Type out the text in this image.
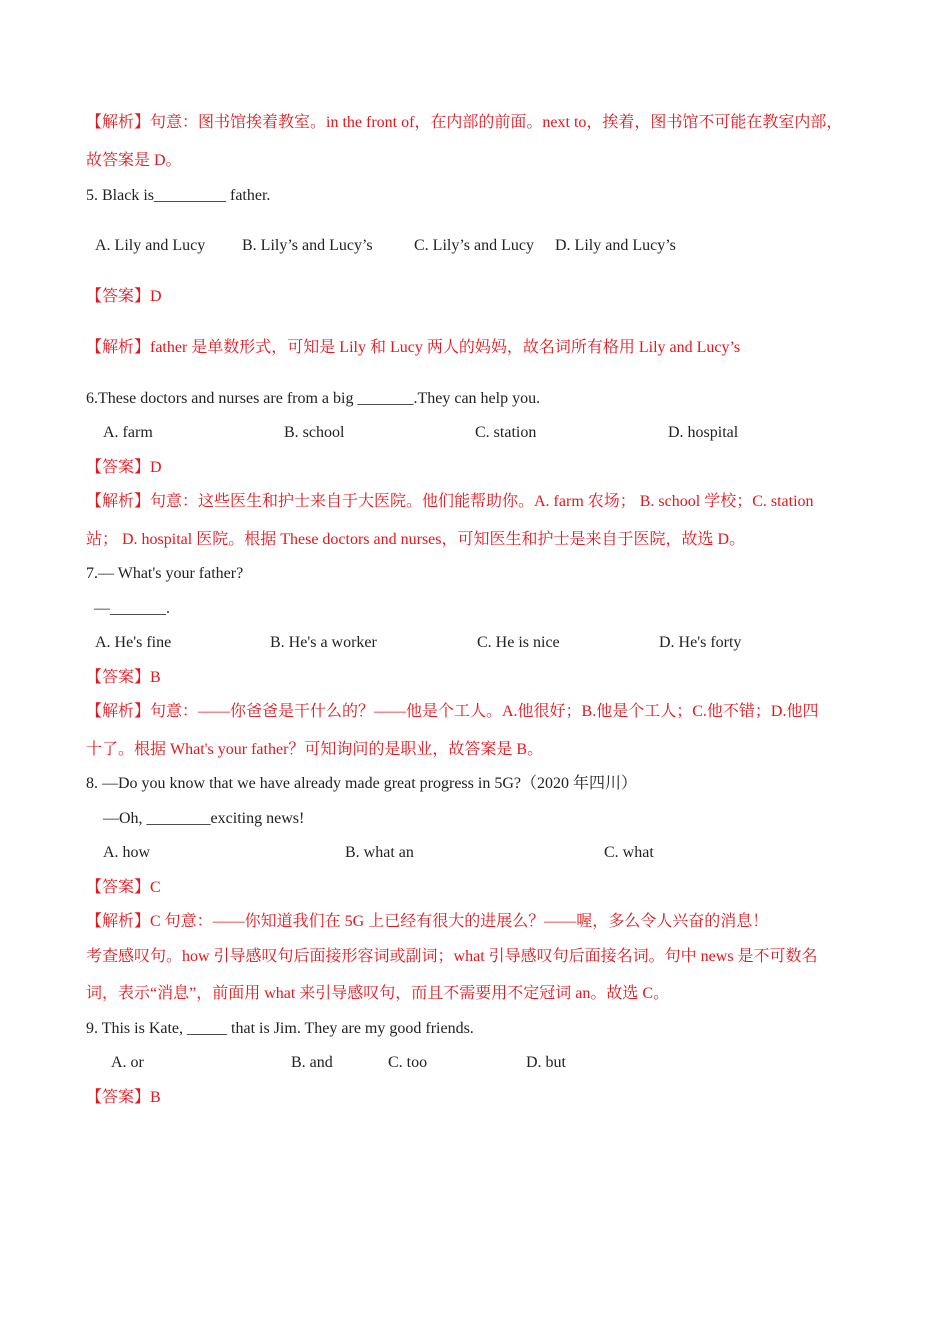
【解析】句意：图书馆挨着教室。in the front of，在内部的前面。next to，挨着，图书馆不可能在教室内部，
故答案是 D。
5. Black is_________ father.
A. Lily and Lucy B. Lily’s and Lucy’s	C. Lily’s and Lucy D. Lily and Lucy’s
【答案】D
【解析】father 是单数形式，可知是 Lily 和 Lucy 两人的妈妈，故名词所有格用 Lily and Lucy’s
6.These doctors and nurses are from a big _______.They can help you.
A. farm	B. school	C. station	D. hospital
【答案】D
【解析】句意：这些医生和护士来自于大医院。他们能帮助你。A. farm 农场； B. school 学校；C. station
站； D. hospital 医院。根据 These doctors and nurses，可知医生和护士是来自于医院，故选 D。
7.— What's your father?
—_______.
A. He's fine	B. He's a worker	C. He is nice	D. He's forty
【答案】B
【解析】句意：——你爸爸是干什么的？——他是个工人。A.他很好；B.他是个工人；C.他不错；D.他四
十了。根据 What's your father？可知询问的是职业，故答案是 B。
8. —Do you know that we have already made great progress in 5G?（2020 年四川）
—Oh, ________exciting news!
A. how	B. what an	C. what
【答案】C
【解析】C 句意：——你知道我们在 5G 上已经有很大的进展么？——喔，多么令人兴奋的消息！
考查感叹句。how 引导感叹句后面接形容词或副词；what 引导感叹句后面接名词。句中 news 是不可数名
词，表示“消息”，前面用 what 来引导感叹句，而且不需要用不定冠词 an。故选 C。
9. This is Kate, _____ that is Jim. They are my good friends.
A. or	B. and	C. too	D. but
【答案】B
